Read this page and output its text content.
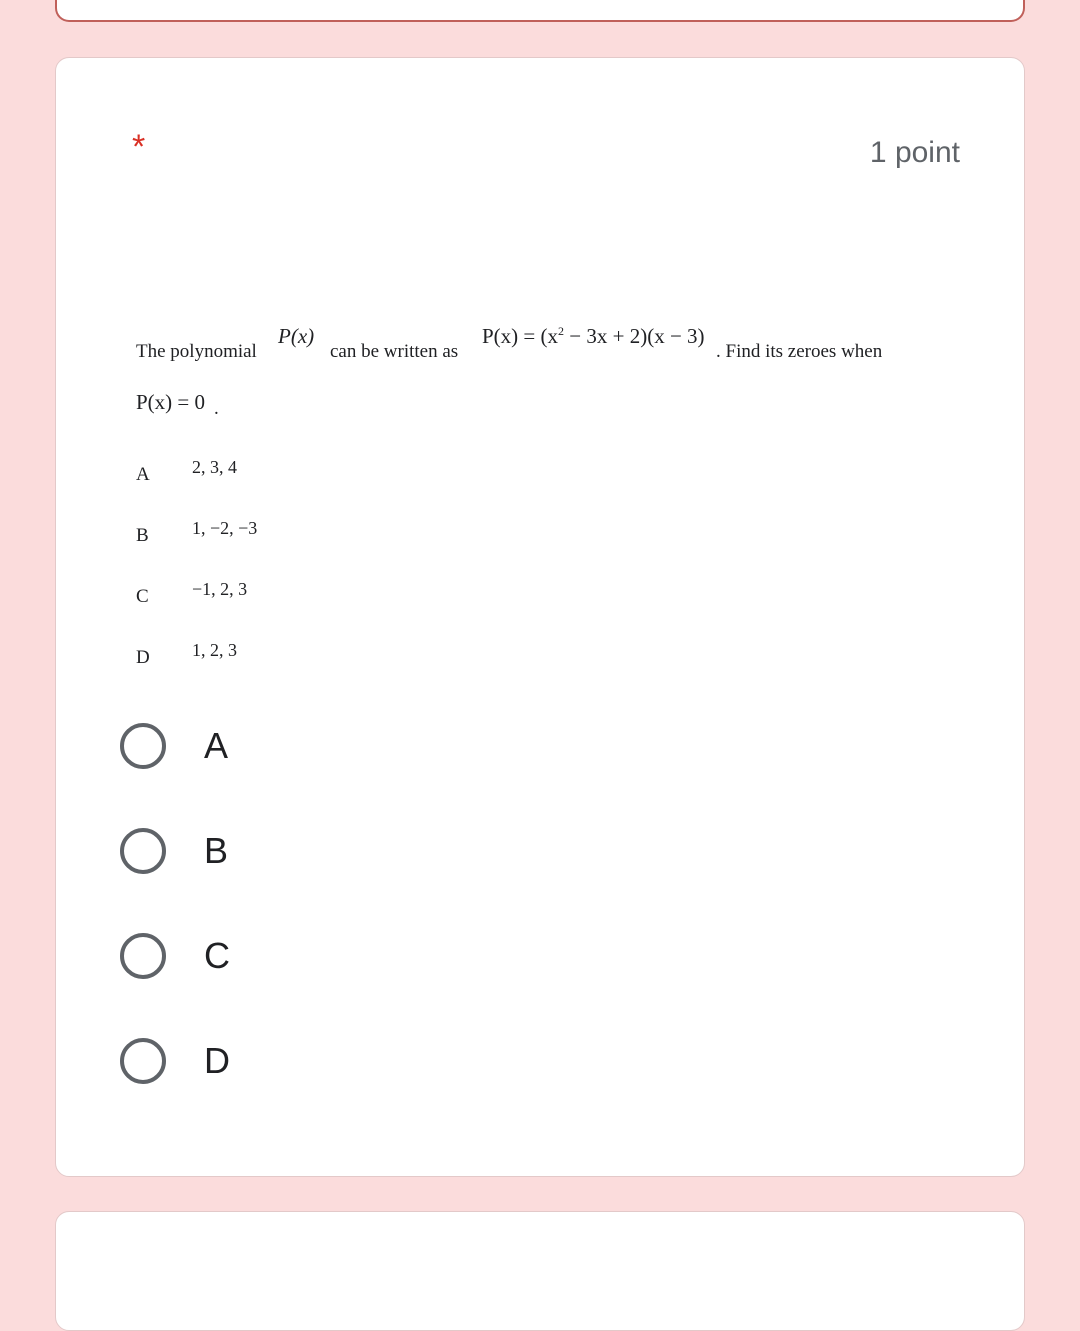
*	1 point
The polynomial
P(x)
can be written as
$P(x) = (x^2 - 3x + 2)(x - 3)$
. Find its zeroes when
P(x) = 0 .
A 2, 3, 4
B 1, −2, −3
C −1, 2, 3
D 1, 2, 3
A
B
C
D
